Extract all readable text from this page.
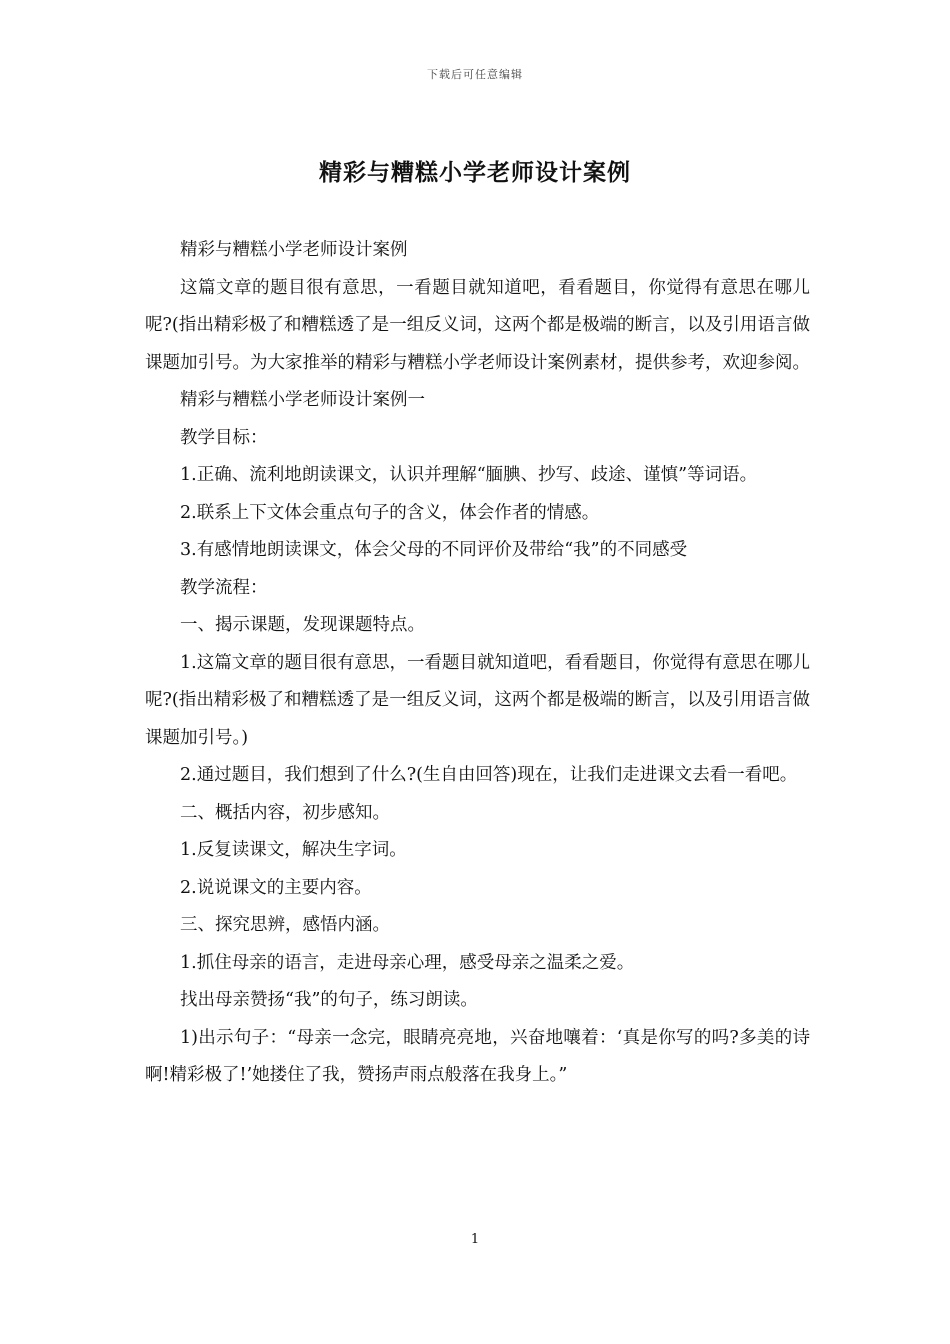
下载后可任意编辑
精彩与糟糕小学老师设计案例

精彩与糟糕小学老师设计案例

这篇文章的题目很有意思，一看题目就知道吧，看看题目，你觉得有意思在哪儿呢?(指出精彩极了和糟糕透了是一组反义词，这两个都是极端的断言，以及引用语言做课题加引号。为大家推举的精彩与糟糕小学老师设计案例素材，提供参考，欢迎参阅。

精彩与糟糕小学老师设计案例一

教学目标：

1.正确、流利地朗读课文，认识并理解“腼腆、抄写、歧途、谨慎”等词语。

2.联系上下文体会重点句子的含义，体会作者的情感。

3.有感情地朗读课文，体会父母的不同评价及带给“我”的不同感受

教学流程：

一、揭示课题，发现课题特点。

1.这篇文章的题目很有意思，一看题目就知道吧，看看题目，你觉得有意思在哪儿呢?(指出精彩极了和糟糕透了是一组反义词，这两个都是极端的断言，以及引用语言做课题加引号。)

2.通过题目，我们想到了什么?(生自由回答)现在，让我们走进课文去看一看吧。

二、概括内容，初步感知。

1.反复读课文，解决生字词。

2.说说课文的主要内容。

三、探究思辨，感悟内涵。

1.抓住母亲的语言，走进母亲心理，感受母亲之温柔之爱。

找出母亲赞扬“我”的句子，练习朗读。

1)出示句子：“母亲一念完，眼睛亮亮地，兴奋地嚷着：‘真是你写的吗?多美的诗啊!精彩极了!’她搂住了我，赞扬声雨点般落在我身上。”

1
